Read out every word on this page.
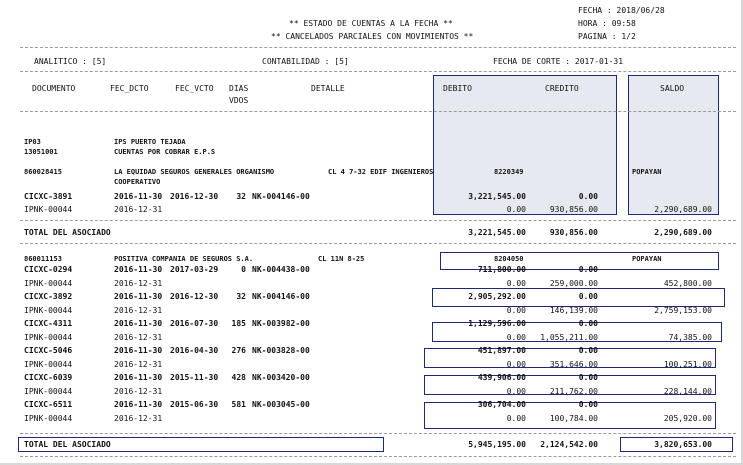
FECHA : 2018/06/28
HORA : 09:58
PAGINA : 1/2
** ESTADO DE CUENTAS A LA FECHA **
** CANCELADOS PARCIALES CON MOVIMIENTOS **
ANALITICO : [5]	CONTABILIDAD : [5]	FECHA DE CORTE : 2017-01-31
DOCUMENTO	FEC_DCTO	FEC_VCTO DIAS
VDOS
DETALLE	DEBITO	CREDITO	SALDO
IP03	IPS PUERTO TEJADA
13051001	CUENTAS POR COBRAR E.P.S
860028415	LA EQUIDAD SEGUROS GENERALES ORGANISMO
COOPERATIVO
CL 4 7-32 EDIF INGENIEROS	8220349	POPAYAN
CICXC-3891	2016-11-30 2016-12-30	32 NK-004146-00	3,221,545.00	0.00
IPNK-00044	2016-12-31	0.00	930,856.00	2,290,689.00
TOTAL DEL ASOCIADO	3,221,545.00	930,856.00	2,290,689.00
860011153	POSITIVA COMPANIA DE SEGUROS S.A.	CL 11N 8-25	8204050	POPAYAN
CICXC-0294	2016-11-30 2017-03-29	0 NK-004438-00	711,800.00	0.00
IPNK-00044	2016-12-31	0.00	259,000.00	452,800.00
CICXC-3892	2016-11-30 2016-12-30	32 NK-004146-00	2,905,292.00	0.00
IPNK-00044	2016-12-31	0.00	146,139.00	2,759,153.00
CICXC-4311	2016-11-30 2016-07-30	185 NK-003982-00	1,129,596.00	0.00
IPNK-00044	2016-12-31	0.00	1,055,211.00	74,385.00
CICXC-5046	2016-11-30 2016-04-30	276 NK-003828-00	451,897.00	0.00
IPNK-00044	2016-12-31	0.00	351,646.00	100,251.00
CICXC-6039	2016-11-30 2015-11-30	428 NK-003420-00	439,906.00	0.00
IPNK-00044	2016-12-31	0.00	211,762.00	228,144.00
CICXC-6511	2016-11-30 2015-06-30	581 NK-003045-00	306,704.00	0.00
IPNK-00044	2016-12-31	0.00	100,784.00	205,920.00
TOTAL DEL ASOCIADO	5,945,195.00	2,124,542.00	3,820,653.00
